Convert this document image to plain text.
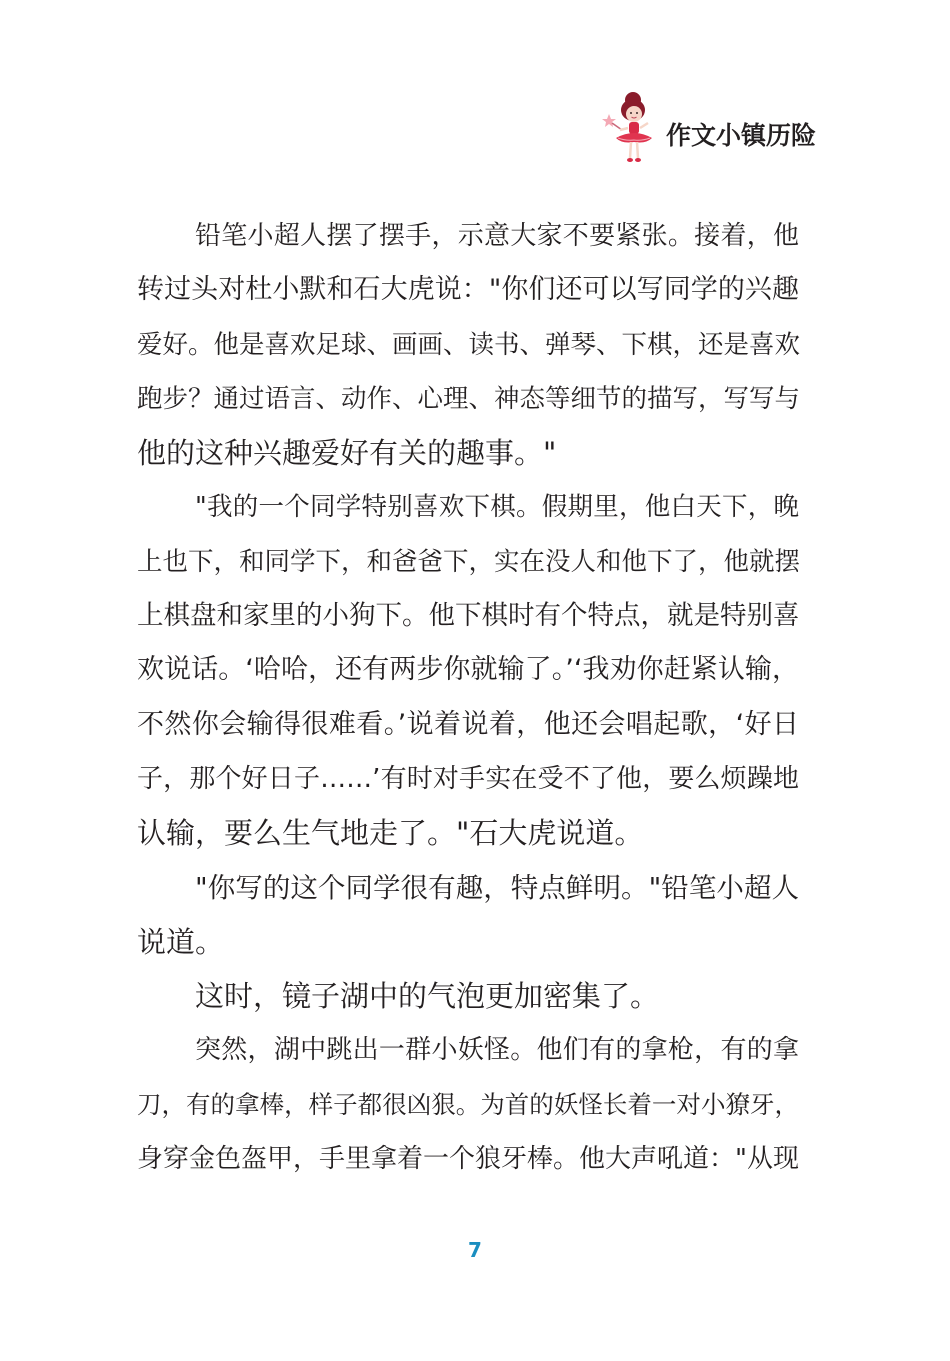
作文小镇历险
铅笔小超人摆了摆手，示意大家不要紧张。接着，他
转过头对杜小默和石大虎说："你们还可以写同学的兴趣
爱好。他是喜欢足球、画画、读书、弹琴、下棋，还是喜欢
跑步？通过语言、动作、心理、神态等细节的描写，写写与
他的这种兴趣爱好有关的趣事。"
"我的一个同学特别喜欢下棋。假期里，他白天下，晚
上也下，和同学下，和爸爸下，实在没人和他下了，他就摆
上棋盘和家里的小狗下。他下棋时有个特点，就是特别喜
欢说话。‘哈哈，还有两步你就输了。’‘我劝你赶紧认输，
不然你会输得很难看。’说着说着，他还会唱起歌，‘好日
子，那个好日子……’有时对手实在受不了他，要么烦躁地
认输，要么生气地走了。"石大虎说道。
"你写的这个同学很有趣，特点鲜明。"铅笔小超人
说道。
这时，镜子湖中的气泡更加密集了。
突然，湖中跳出一群小妖怪。他们有的拿枪，有的拿
刀，有的拿棒，样子都很凶狠。为首的妖怪长着一对小獠牙，
身穿金色盔甲，手里拿着一个狼牙棒。他大声吼道："从现
7
